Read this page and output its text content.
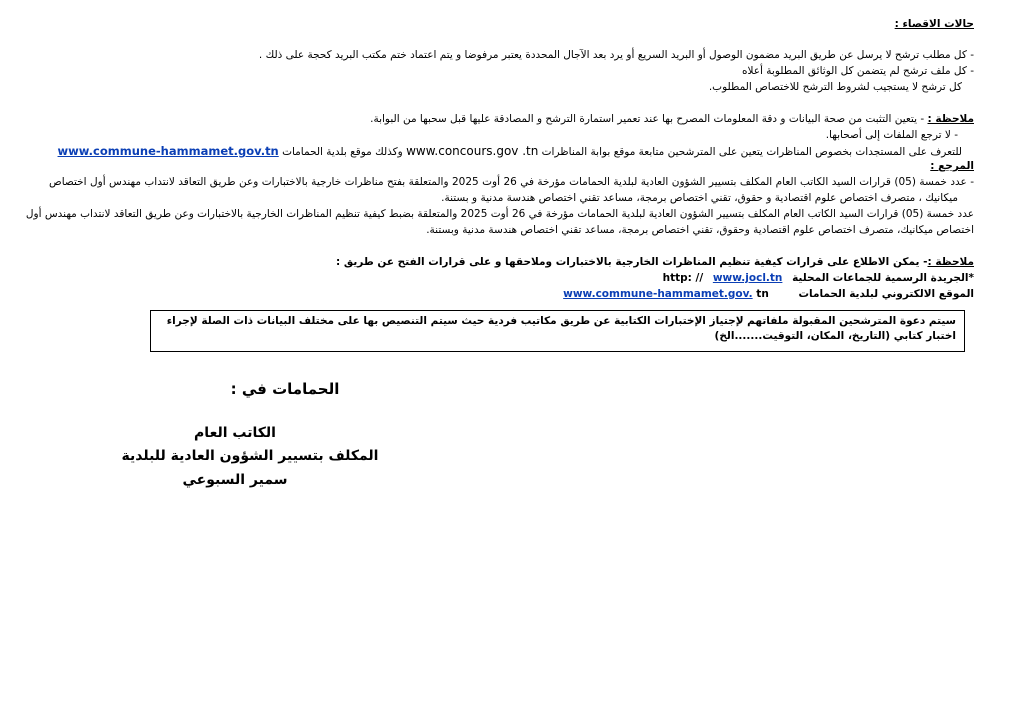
حالات الاقصاء :
- كل مطلب ترشح لا يرسل عن طريق البريد مضمون الوصول أو البريد السريع أو يرد بعد الآجال المحددة يعتبر مرفوضا و يتم اعتماد ختم مكتب البريد كحجة على ذلك .
- كل ملف ترشح لم يتضمن كل الوثائق المطلوبة أعلاه
كل ترشح لا يستجيب لشروط الترشح للاختصاص المطلوب.
ملاحظة : - يتعين التثبت من صحة البيانات و دقة المعلومات المصرح بها عند تعمير استمارة الترشح و المصادقة عليها قبل سحبها من البوابة.
- لا ترجع الملفات إلى أصحابها.
للتعرف على المستجدات بخصوص المناظرات يتعين على المترشحين متابعة موقع بوابة المناظرات www.concours.gov .tn وكذلك موقع بلدية الحمامات www.commune-hammamet.gov.tn
المرجع :
- عدد خمسة (05) قرارات السيد الكاتب العام المكلف بتسيير الشؤون العادية لبلدية الحمامات مؤرخة في 26 أوت 2025 والمتعلقة بفتح مناظرات خارجية بالاختبارات وعن طريق التعاقد لانتداب مهندس أول اختصاص
ميكانيك ، متصرف اختصاص علوم اقتصادية و حقوق، تقني اختصاص برمجة، مساعد تقني اختصاص هندسة مدنية و بستنة.
عدد خمسة (05) قرارات السيد الكاتب العام المكلف بتسيير الشؤون العادية لبلدية الحمامات مؤرخة في 26 أوت 2025 والمتعلقة بضبط كيفية تنظيم المناظرات الخارجية بالاختبارات وعن طريق التعاقد لانتداب مهندس أول
اختصاص ميكانيك، متصرف اختصاص علوم اقتصادية وحقوق، تقني اختصاص برمجة، مساعد تقني اختصاص هندسة مدنية وبستنة.
ملاحظة :- يمكن الاطلاع على قرارات كيفية تنظيم المناظرات الخارجية بالاختبارات وملاحقها و على قرارات الفتح عن طريق :
*الجريدة الرسمية للجماعات المحلية www.jocl.tn http: //
الموقع الالكتروني لبلدية الحمامات tn www.commune-hammamet.gov.
سيتم دعوة المترشحين المقبولة ملفاتهم لإجتياز الإختبارات الكتابية عن طريق مكاتيب فردية حيث سيتم التنصيص بها على مختلف البيانات ذات الصلة لإجراء اختبار كتابي (التاريخ، المكان، التوقيت.......الخ)
الحمامات في :
الكاتب العام
المكلف بتسيير الشؤون العادية للبلدية
سمير السبوعي
